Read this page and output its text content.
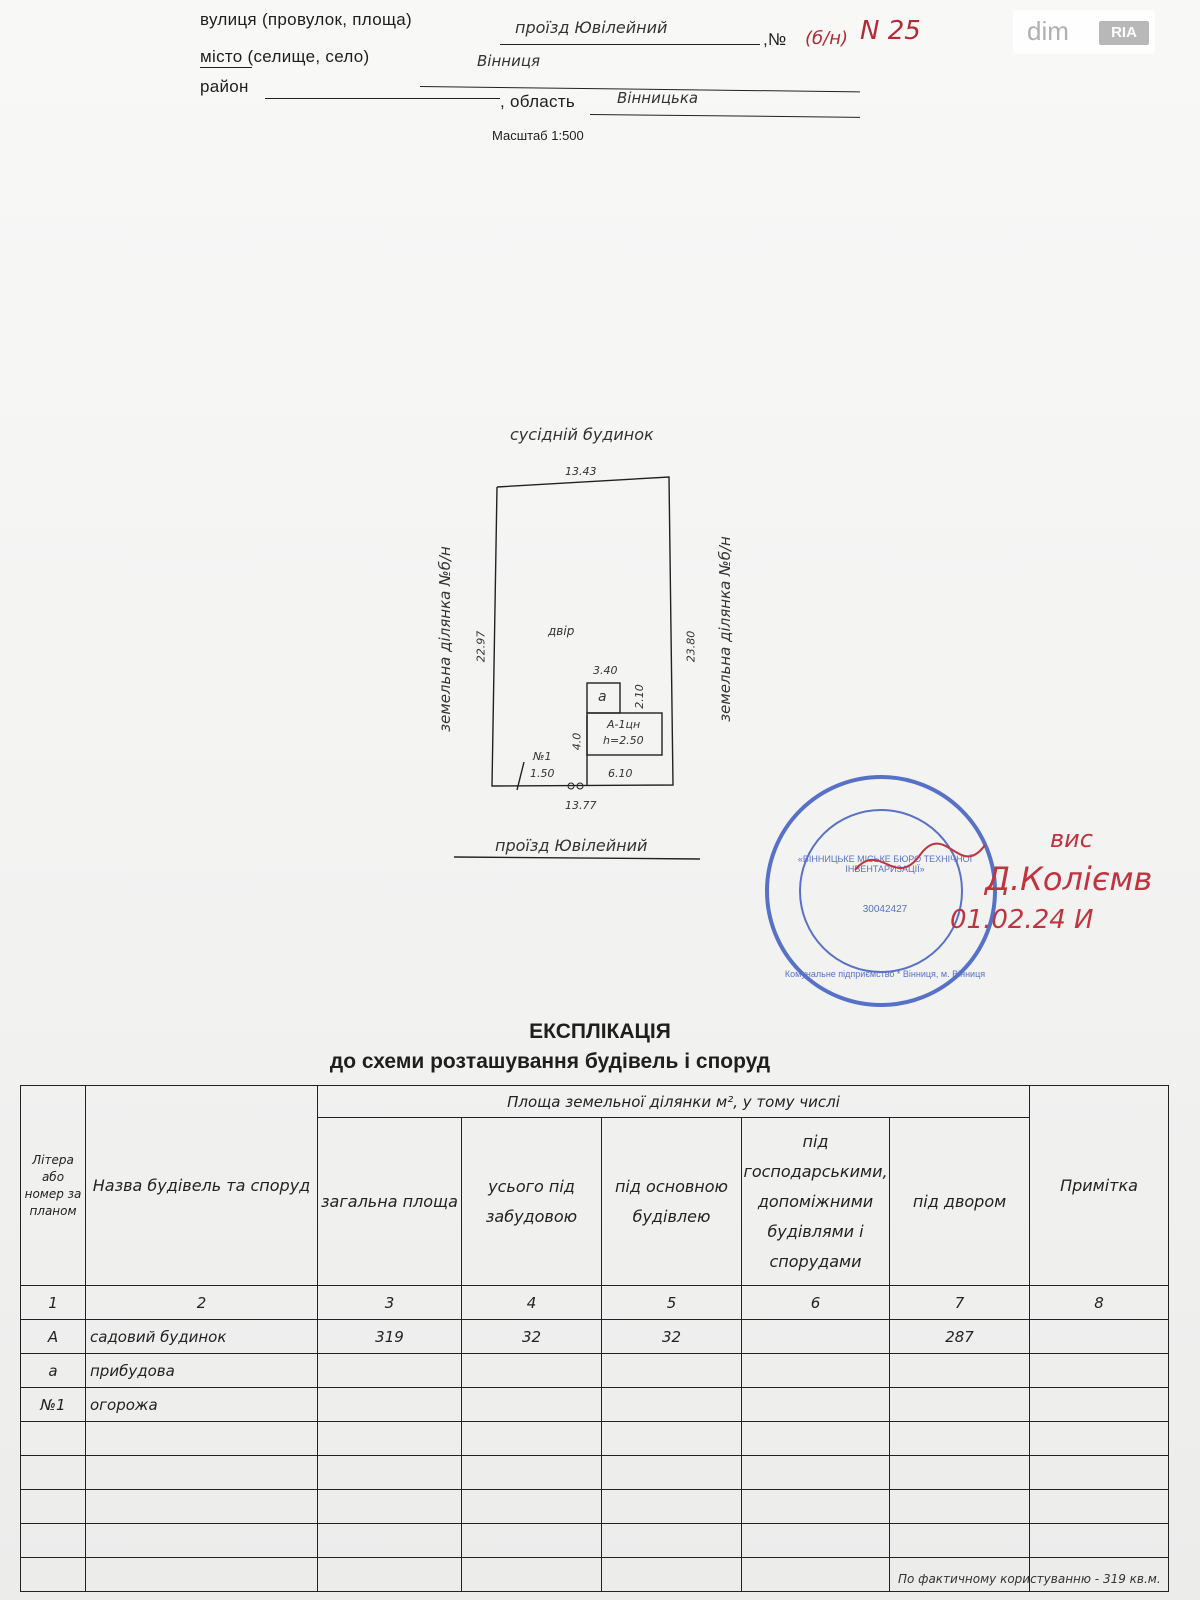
вулиця (провулок, площа)	проїзд Ювілейний
,№ (б/н) N 25
місто (селище, село)	Вінниця
район
, область	Вінницька
Масштаб 1:500
dim	RIA
сусідній будинок
13.43
22.97	23.80
земельна ділянка №б/н	земельна ділянка №б/н
двір
3.40
а 2.10
А-1цн
h=2.50
4.0
6.10
№1
1.50
13.77
проїзд Ювілейний
«ВІННИЦЬКЕ МІСЬКЕ БЮРО ТЕХНІЧНОЇ ІНВЕНТАРИЗАЦІЇ»
30042427
Комунальне підприємство * Вінниця, м. Вінниця
вис
Д.Коліємв
01.02.24 И
ЕКСПЛІКАЦІЯ
до схеми розташування будівель і споруд
Літера або номер за планом	Назва будівель та споруд	Площа земельної ділянки м², у тому числі					Примітка
		загальна площа	усього під забудовою	під основною будівлею	під господарськими, допоміжними будівлями і спорудами	під двором	
1	2	3	4	5	6	7	8
А	садовий будинок	319	32	32		287	
а	прибудова						
№1	огорожа						

По фактичному користуванню - 319 кв.м.
